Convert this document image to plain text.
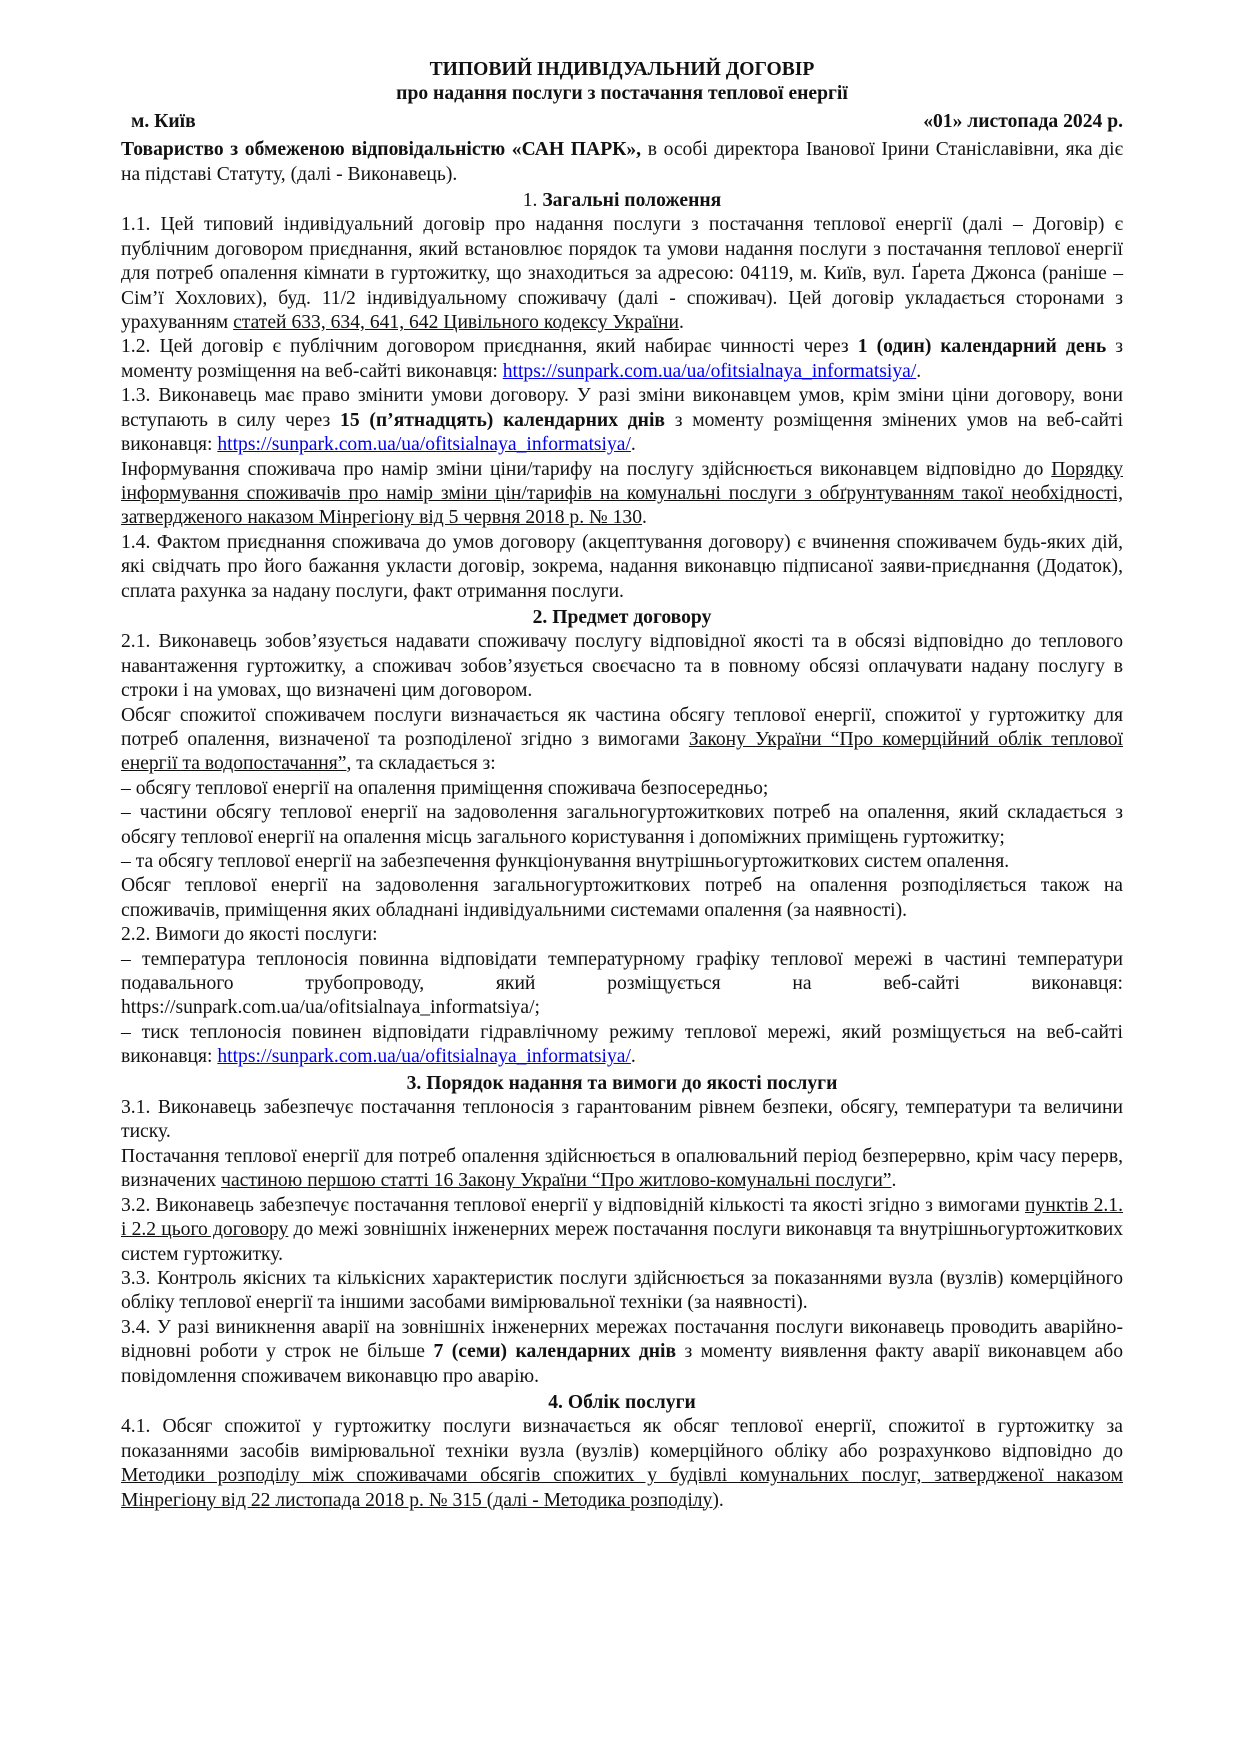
ТИПОВИЙ ІНДИВІДУАЛЬНИЙ ДОГОВІР
про надання послуги з постачання теплової енергії
м. Київ	«01» листопада 2024 р.

Товариство з обмеженою відповідальністю «САН ПАРК», в особі директора Іванової Ірини Станіславівни, яка діє на підставі Статуту, (далі - Виконавець).

1. Загальні положення

1.1. Цей типовий індивідуальний договір про надання послуги з постачання теплової енергії (далі – Договір) є публічним договором приєднання, який встановлює порядок та умови надання послуги з постачання теплової енергії для потреб опалення кімнати в гуртожитку, що знаходиться за адресою: 04119, м. Київ, вул. Ґарета Джонса (раніше – Сім’ї Хохлових), буд. 11/2 індивідуальному споживачу (далі - споживач). Цей договір укладається сторонами з урахуванням статей 633, 634, 641, 642 Цивільного кодексу України.

1.2. Цей договір є публічним договором приєднання, який набирає чинності через 1 (один) календарний день з моменту розміщення на веб-сайті виконавця: https://sunpark.com.ua/ua/ofitsialnaya_informatsiya/.

1.3. Виконавець має право змінити умови договору. У разі зміни виконавцем умов, крім зміни ціни договору, вони вступають в силу через 15 (п’ятнадцять) календарних днів з моменту розміщення змінених умов на веб-сайті виконавця: https://sunpark.com.ua/ua/ofitsialnaya_informatsiya/.

Інформування споживача про намір зміни ціни/тарифу на послугу здійснюється виконавцем відповідно до Порядку інформування споживачів про намір зміни цін/тарифів на комунальні послуги з обґрунтуванням такої необхідності, затвердженого наказом Мінрегіону від 5 червня 2018 р. № 130.

1.4. Фактом приєднання споживача до умов договору (акцептування договору) є вчинення споживачем будь-яких дій, які свідчать про його бажання укласти договір, зокрема, надання виконавцю підписаної заяви-приєднання (Додаток), сплата рахунка за надану послуги, факт отримання послуги.

2. Предмет договору

2.1. Виконавець зобов’язується надавати споживачу послугу відповідної якості та в обсязі відповідно до теплового навантаження гуртожитку, а споживач зобов’язується своєчасно та в повному обсязі оплачувати надану послугу в строки і на умовах, що визначені цим договором.

Обсяг спожитої споживачем послуги визначається як частина обсягу теплової енергії, спожитої у гуртожитку для потреб опалення, визначеної та розподіленої згідно з вимогами Закону України “Про комерційний облік теплової енергії та водопостачання”, та складається з:

– обсягу теплової енергії на опалення приміщення споживача безпосередньо;

– частини обсягу теплової енергії на задоволення загальногуртожиткових потреб на опалення, який складається з обсягу теплової енергії на опалення місць загального користування і допоміжних приміщень гуртожитку;

– та обсягу теплової енергії на забезпечення функціонування внутрішньогуртожиткових систем опалення.

Обсяг теплової енергії на задоволення загальногуртожиткових потреб на опалення розподіляється також на споживачів, приміщення яких обладнані індивідуальними системами опалення (за наявності).

2.2. Вимоги до якості послуги:

– температура теплоносія повинна відповідати температурному графіку теплової мережі в частині температури подавального трубопроводу, який розміщується на веб-сайті виконавця:

https://sunpark.com.ua/ua/ofitsialnaya_informatsiya/;

– тиск теплоносія повинен відповідати гідравлічному режиму теплової мережі, який розміщується на веб-сайті виконавця: https://sunpark.com.ua/ua/ofitsialnaya_informatsiya/.

3. Порядок надання та вимоги до якості послуги

3.1. Виконавець забезпечує постачання теплоносія з гарантованим рівнем безпеки, обсягу, температури та величини тиску.

Постачання теплової енергії для потреб опалення здійснюється в опалювальний період безперервно, крім часу перерв, визначених частиною першою статті 16 Закону України “Про житлово-комунальні послуги”.

3.2. Виконавець забезпечує постачання теплової енергії у відповідній кількості та якості згідно з вимогами пунктів 2.1. і 2.2 цього договору до межі зовнішніх інженерних мереж постачання послуги виконавця та внутрішньогуртожиткових систем гуртожитку.

3.3. Контроль якісних та кількісних характеристик послуги здійснюється за показаннями вузла (вузлів) комерційного обліку теплової енергії та іншими засобами вимірювальної техніки (за наявності).

3.4. У разі виникнення аварії на зовнішніх інженерних мережах постачання послуги виконавець проводить аварійно-відновні роботи у строк не більше 7 (семи) календарних днів з моменту виявлення факту аварії виконавцем або повідомлення споживачем виконавцю про аварію.

4. Облік послуги

4.1. Обсяг спожитої у гуртожитку послуги визначається як обсяг теплової енергії, спожитої в гуртожитку за показаннями засобів вимірювальної техніки вузла (вузлів) комерційного обліку або розрахунково відповідно до Методики розподілу між споживачами обсягів спожитих у будівлі комунальних послуг, затвердженої наказом Мінрегіону від 22 листопада 2018 р. № 315 (далі - Методика розподілу).
